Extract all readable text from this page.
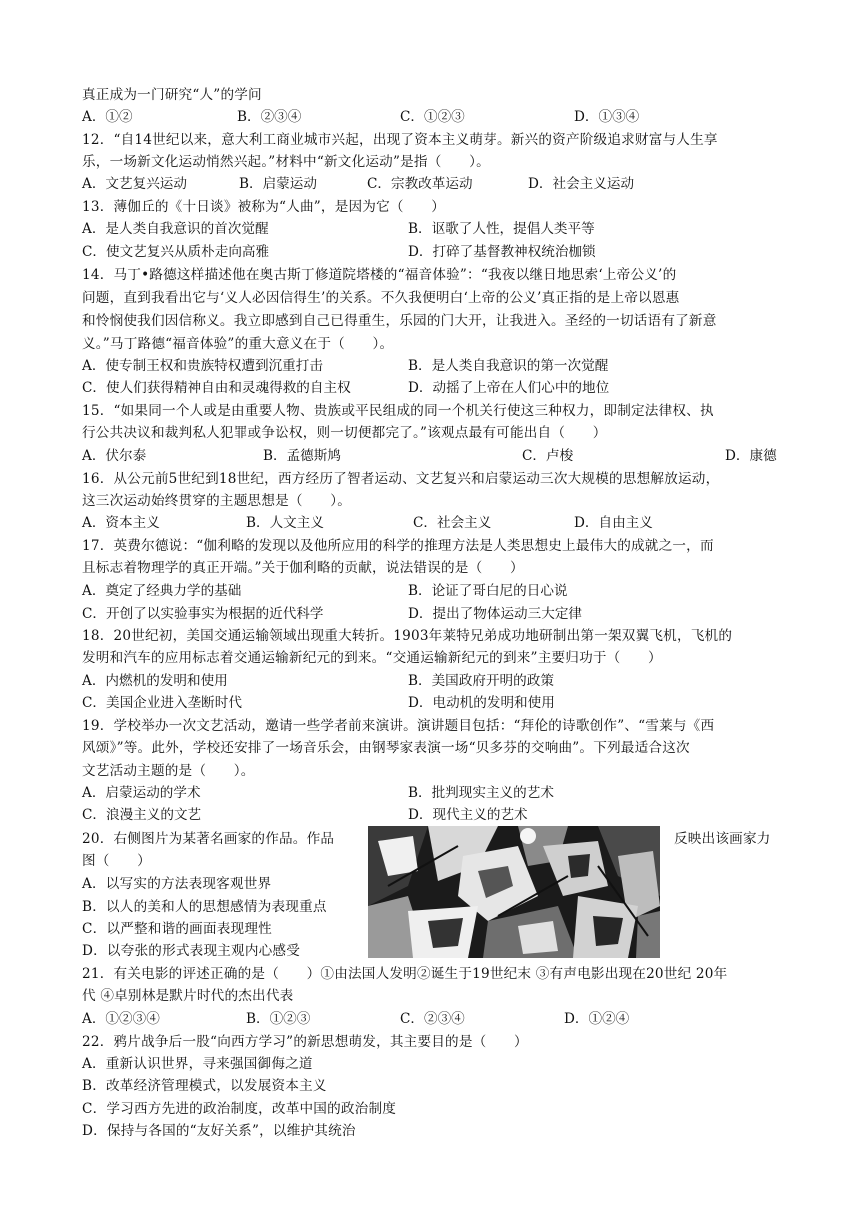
真正成为一门研究“人”的学问
A．①②	B．②③④	C．①②③	D．①③④
12．“自14世纪以来，意大利工商业城市兴起，出现了资本主义萌芽。新兴的资产阶级追求财富与人生享
乐，一场新文化运动悄然兴起。”材料中“新文化运动”是指（　　）。
A．文艺复兴运动	B．启蒙运动	C．宗教改革运动	D．社会主义运动
13．薄伽丘的《十日谈》被称为“人曲”，是因为它（　　）
A．是人类自我意识的首次觉醒	B．讴歌了人性，提倡人类平等
C．使文艺复兴从质朴走向高雅	D．打碎了基督教神权统治枷锁
14．马丁•路德这样描述他在奥古斯丁修道院塔楼的“福音体验”：“我夜以继日地思索‘上帝公义’的
问题，直到我看出它与‘义人必因信得生’的关系。不久我便明白‘上帝的公义’真正指的是上帝以恩惠
和怜悯使我们因信称义。我立即感到自己已得重生，乐园的门大开，让我进入。圣经的一切话语有了新意
义。”马丁路德“福音体验”的重大意义在于（　　）。
A．使专制王权和贵族特权遭到沉重打击	B．是人类自我意识的第一次觉醒
C．使人们获得精神自由和灵魂得救的自主权	D．动摇了上帝在人们心中的地位
15．“如果同一个人或是由重要人物、贵族或平民组成的同一个机关行使这三种权力，即制定法律权、执
行公共决议和裁判私人犯罪或争讼权，则一切便都完了。”该观点最有可能出自（　　）
A．伏尔泰	B．孟德斯鸠	C．卢梭	D．康德
16．从公元前5世纪到18世纪，西方经历了智者运动、文艺复兴和启蒙运动三次大规模的思想解放运动，
这三次运动始终贯穿的主题思想是（　　）。
A．资本主义	B．人文主义	C．社会主义	D．自由主义
17．英费尔德说：“伽利略的发现以及他所应用的科学的推理方法是人类思想史上最伟大的成就之一，而
且标志着物理学的真正开端。”关于伽利略的贡献，说法错误的是（　　）
A．奠定了经典力学的基础	B．论证了哥白尼的日心说
C．开创了以实验事实为根据的近代科学	D．提出了物体运动三大定律
18．20世纪初，美国交通运输领域出现重大转折。1903年莱特兄弟成功地研制出第一架双翼飞机，飞机的
发明和汽车的应用标志着交通运输新纪元的到来。“交通运输新纪元的到来”主要归功于（　　）
A．内燃机的发明和使用	B．美国政府开明的政策
C．美国企业进入垄断时代	D．电动机的发明和使用
19．学校举办一次文艺活动，邀请一些学者前来演讲。演讲题目包括：“拜伦的诗歌创作”、“雪莱与《西
风颂》”等。此外，学校还安排了一场音乐会，由钢琴家表演一场“贝多芬的交响曲”。下列最适合这次
文艺活动主题的是（　　）。
A．启蒙运动的学术	B．批判现实主义的艺术
C．浪漫主义的文艺	D．现代主义的艺术
20．右侧图片为某著名画家的作品。作品	反映出该画家力
图（　　）
A．以写实的方法表现客观世界
B．以人的美和人的思想感情为表现重点
C．以严整和谐的画面表现理性
D．以夸张的形式表现主观内心感受
21．有关电影的评述正确的是（　　）①由法国人发明②诞生于19世纪末 ③有声电影出现在20世纪 20年
代 ④卓别林是默片时代的杰出代表
A．①②③④	B．①②③	C．②③④	D．①②④
22．鸦片战争后一股“向西方学习”的新思想萌发，其主要目的是（　　）
A．重新认识世界，寻来强国御侮之道
B．改革经济管理模式，以发展资本主义
C．学习西方先进的政治制度，改革中国的政治制度
D．保持与各国的“友好关系”，以维护其统治
